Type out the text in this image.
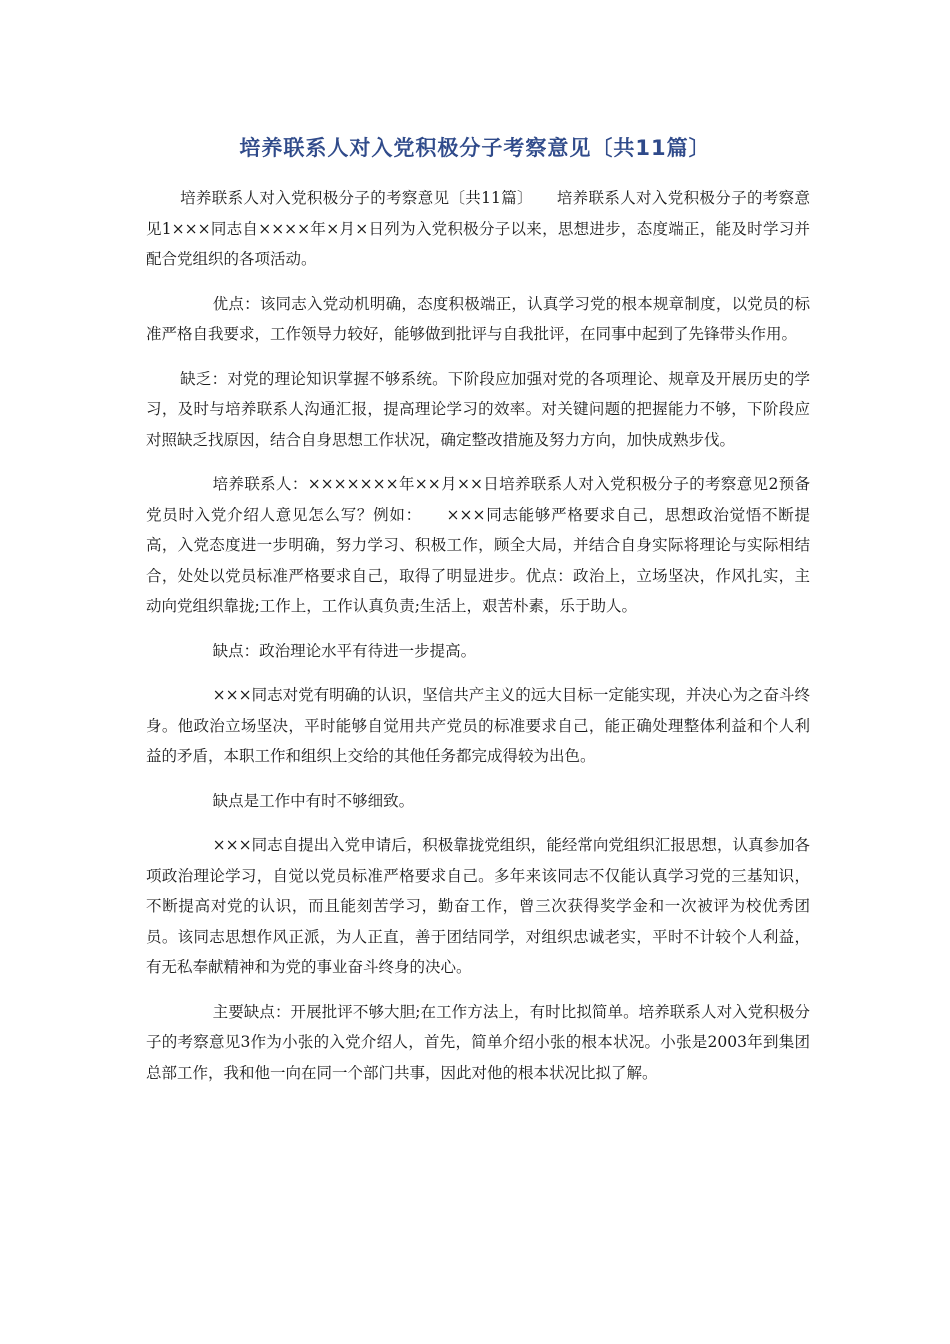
培养联系人对入党积极分子考察意见〔共11篇〕

培养联系人对入党积极分子的考察意见〔共11篇〕　　培养联系人对入党积极分子的考察意见1×××同志自××××年×月×日列为入党积极分子以来，思想进步，态度端正，能及时学习并配合党组织的各项活动。

优点：该同志入党动机明确，态度积极端正，认真学习党的根本规章制度，以党员的标准严格自我要求，工作领导力较好，能够做到批评与自我批评，在同事中起到了先锋带头作用。

缺乏：对党的理论知识掌握不够系统。下阶段应加强对党的各项理论、规章及开展历史的学习，及时与培养联系人沟通汇报，提高理论学习的效率。对关键问题的把握能力不够，下阶段应对照缺乏找原因，结合自身思想工作状况，确定整改措施及努力方向，加快成熟步伐。

培养联系人：×××××××年××月××日培养联系人对入党积极分子的考察意见2预备党员时入党介绍人意见怎么写？例如：　　×××同志能够严格要求自己，思想政治觉悟不断提高，入党态度进一步明确，努力学习、积极工作，顾全大局，并结合自身实际将理论与实际相结合，处处以党员标准严格要求自己，取得了明显进步。优点：政治上，立场坚决，作风扎实，主动向党组织靠拢;工作上，工作认真负责;生活上，艰苦朴素，乐于助人。

缺点：政治理论水平有待进一步提高。

×××同志对党有明确的认识，坚信共产主义的远大目标一定能实现，并决心为之奋斗终身。他政治立场坚决，平时能够自觉用共产党员的标准要求自己，能正确处理整体利益和个人利益的矛盾，本职工作和组织上交给的其他任务都完成得较为出色。

缺点是工作中有时不够细致。

×××同志自提出入党申请后，积极靠拢党组织，能经常向党组织汇报思想，认真参加各项政治理论学习，自觉以党员标准严格要求自己。多年来该同志不仅能认真学习党的三基知识，不断提高对党的认识，而且能刻苦学习，勤奋工作，曾三次获得奖学金和一次被评为校优秀团员。该同志思想作风正派，为人正直，善于团结同学，对组织忠诚老实，平时不计较个人利益，有无私奉献精神和为党的事业奋斗终身的决心。

主要缺点：开展批评不够大胆;在工作方法上，有时比拟简单。培养联系人对入党积极分子的考察意见3作为小张的入党介绍人，首先，简单介绍小张的根本状况。小张是2003年到集团总部工作，我和他一向在同一个部门共事，因此对他的根本状况比拟了解。
